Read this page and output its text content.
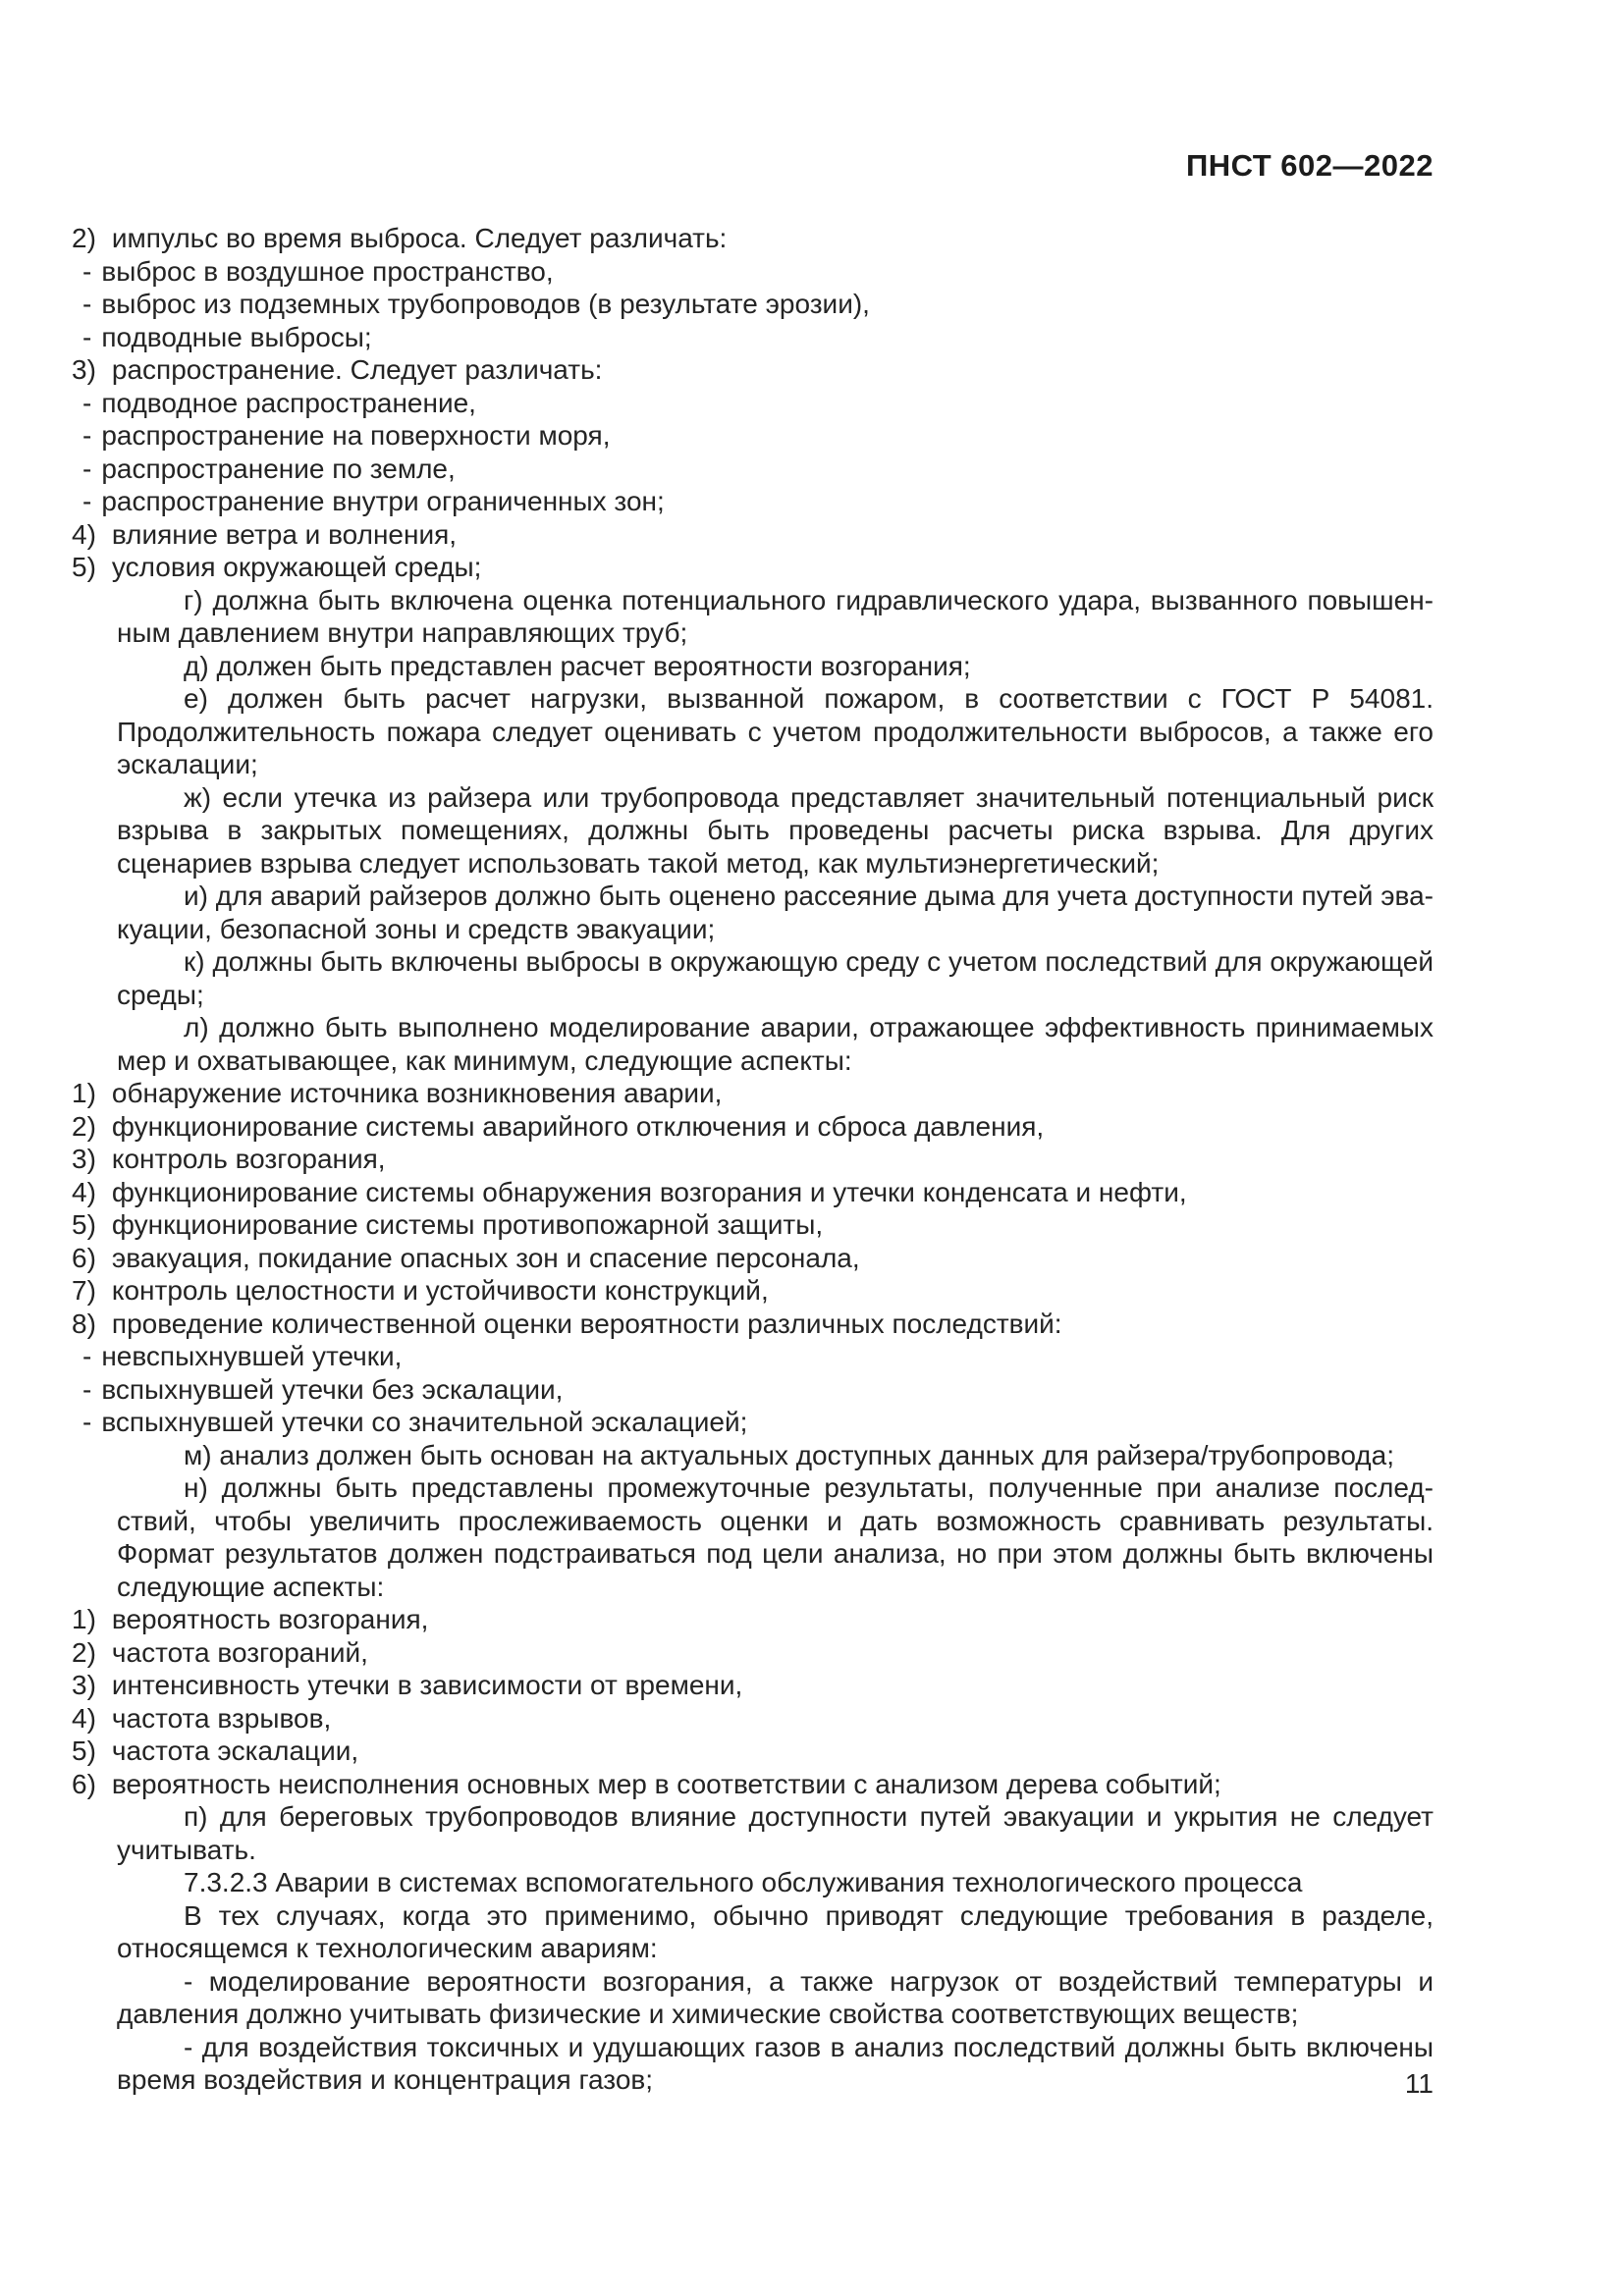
ПНСТ 602—2022
2) импульс во время выброса. Следует различать:
- выброс в воздушное пространство,
- выброс из подземных трубопроводов (в результате эрозии),
- подводные выбросы;
3) распространение. Следует различать:
- подводное распространение,
- распространение на поверхности моря,
- распространение по земле,
- распространение внутри ограниченных зон;
4) влияние ветра и волнения,
5) условия окружающей среды;
г) должна быть включена оценка потенциального гидравлического удара, вызванного повышенным давлением внутри направляющих труб;
д) должен быть представлен расчет вероятности возгорания;
е) должен быть расчет нагрузки, вызванной пожаром, в соответствии с ГОСТ Р 54081. Продолжительность пожара следует оценивать с учетом продолжительности выбросов, а также его эскалации;
ж) если утечка из райзера или трубопровода представляет значительный потенциальный риск взрыва в закрытых помещениях, должны быть проведены расчеты риска взрыва. Для других сценариев взрыва следует использовать такой метод, как мультиэнергетический;
и) для аварий райзеров должно быть оценено рассеяние дыма для учета доступности путей эвакуации, безопасной зоны и средств эвакуации;
к) должны быть включены выбросы в окружающую среду с учетом последствий для окружающей среды;
л) должно быть выполнено моделирование аварии, отражающее эффективность принимаемых мер и охватывающее, как минимум, следующие аспекты:
1) обнаружение источника возникновения аварии,
2) функционирование системы аварийного отключения и сброса давления,
3) контроль возгорания,
4) функционирование системы обнаружения возгорания и утечки конденсата и нефти,
5) функционирование системы противопожарной защиты,
6) эвакуация, покидание опасных зон и спасение персонала,
7) контроль целостности и устойчивости конструкций,
8) проведение количественной оценки вероятности различных последствий:
- невспыхнувшей утечки,
- вспыхнувшей утечки без эскалации,
- вспыхнувшей утечки со значительной эскалацией;
м) анализ должен быть основан на актуальных доступных данных для райзера/трубопровода;
н) должны быть представлены промежуточные результаты, полученные при анализе последствий, чтобы увеличить прослеживаемость оценки и дать возможность сравнивать результаты. Формат результатов должен подстраиваться под цели анализа, но при этом должны быть включены следующие аспекты:
1) вероятность возгорания,
2) частота возгораний,
3) интенсивность утечки в зависимости от времени,
4) частота взрывов,
5) частота эскалации,
6) вероятность неисполнения основных мер в соответствии с анализом дерева событий;
п) для береговых трубопроводов влияние доступности путей эвакуации и укрытия не следует учитывать.
7.3.2.3 Аварии в системах вспомогательного обслуживания технологического процесса
В тех случаях, когда это применимо, обычно приводят следующие требования в разделе, относящемся к технологическим авариям:
- моделирование вероятности возгорания, а также нагрузок от воздействий температуры и давления должно учитывать физические и химические свойства соответствующих веществ;
- для воздействия токсичных и удушающих газов в анализ последствий должны быть включены время воздействия и концентрация газов;	11
